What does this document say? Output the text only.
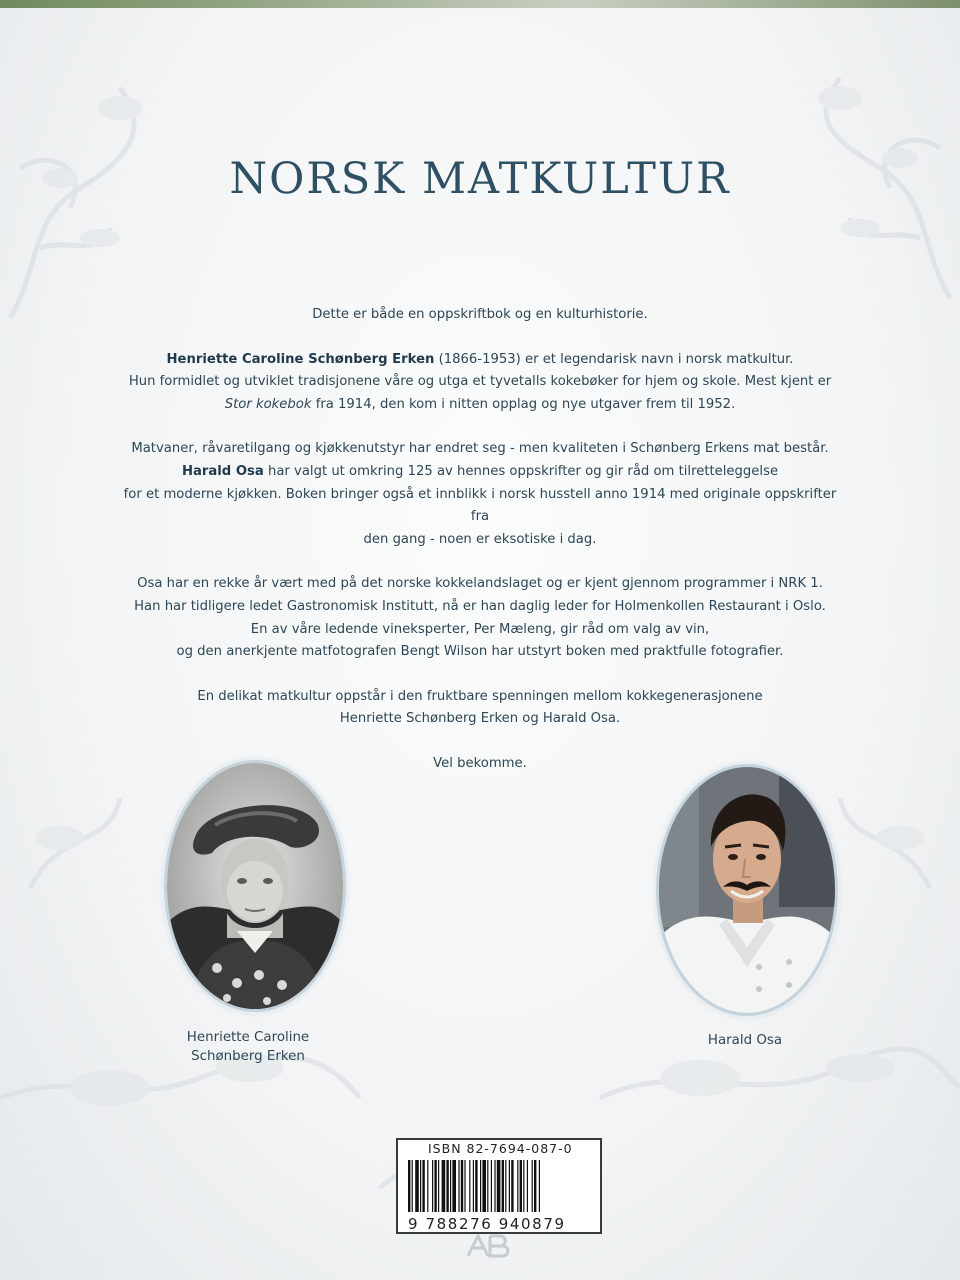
NORSK MATKULTUR

Dette er både en oppskriftbok og en kulturhistorie.

Henriette Caroline Schønberg Erken (1866-1953) er et legendarisk navn i norsk matkultur.
Hun formidlet og utviklet tradisjonene våre og utga et tyvetalls kokebøker for hjem og skole. Mest kjent er
Stor kokebok fra 1914, den kom i nitten opplag og nye utgaver frem til 1952.

Matvaner, råvaretilgang og kjøkkenutstyr har endret seg - men kvaliteten i Schønberg Erkens mat består.
Harald Osa har valgt ut omkring 125 av hennes oppskrifter og gir råd om tilretteleggelse
for et moderne kjøkken. Boken bringer også et innblikk i norsk husstell anno 1914 med originale oppskrifter fra
den gang - noen er eksotiske i dag.

Osa har en rekke år vært med på det norske kokkelandslaget og er kjent gjennom programmer i NRK 1.
Han har tidligere ledet Gastronomisk Institutt, nå er han daglig leder for Holmenkollen Restaurant i Oslo.
En av våre ledende vineksperter, Per Mæleng, gir råd om valg av vin,
og den anerkjente matfotografen Bengt Wilson har utstyrt boken med praktfulle fotografier.

En delikat matkultur oppstår i den fruktbare spenningen mellom kokkegenerasjonene
Henriette Schønberg Erken og Harald Osa.

Vel bekomme.

Henriette Caroline
Schønberg Erken
Harald Osa
ISBN 82-7694-087-0
9 788276 940879
